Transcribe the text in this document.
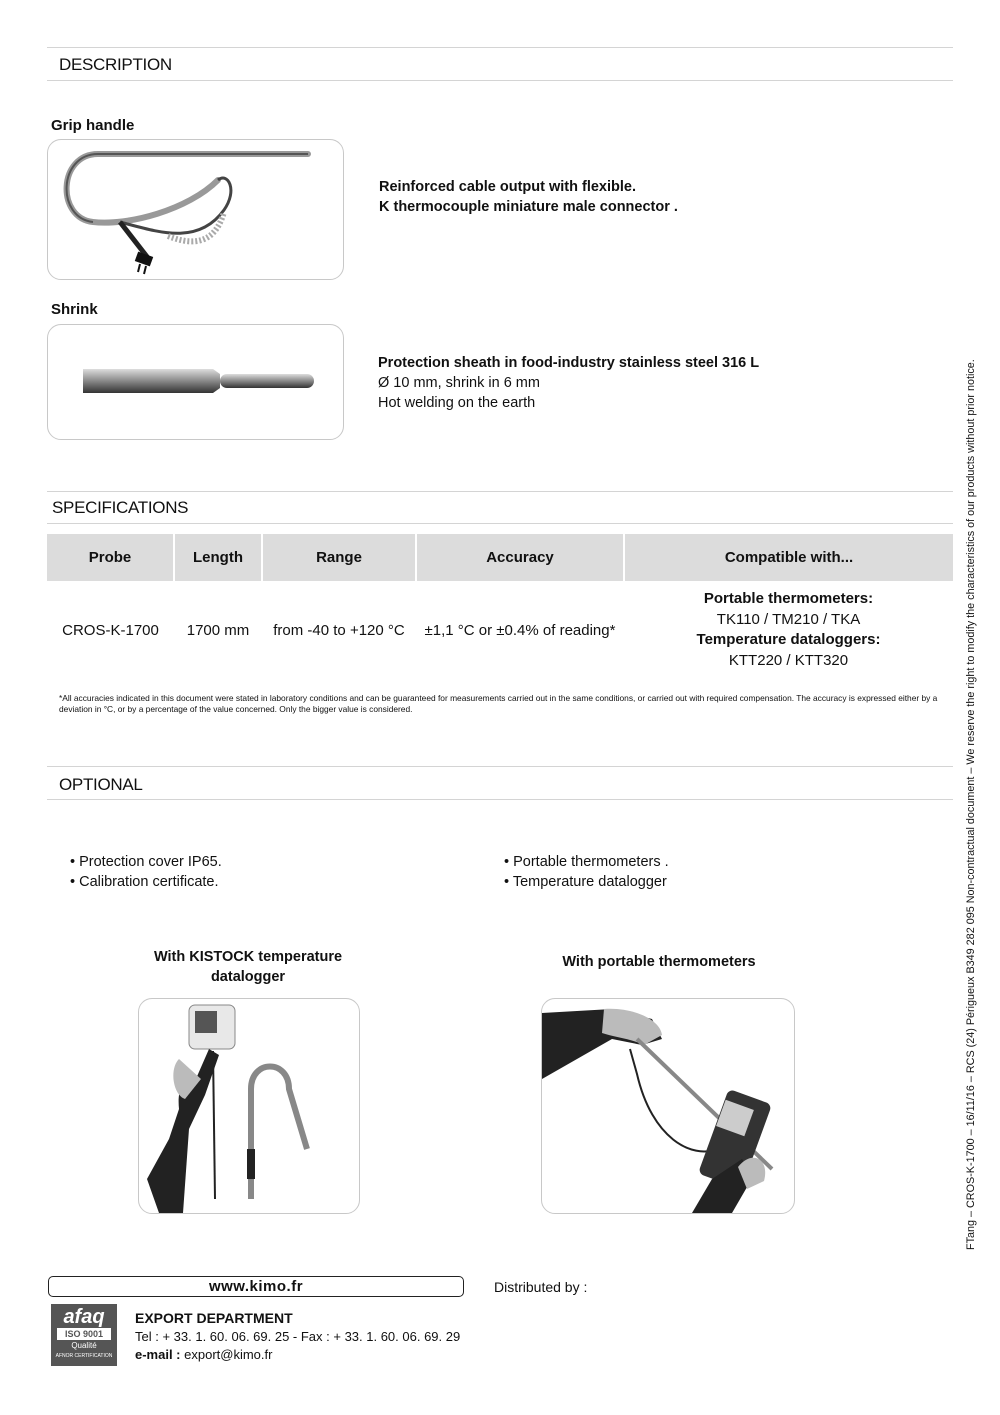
DESCRIPTION
Grip handle
Reinforced cable output with flexible.
K thermocouple miniature male connector .
Shrink
Protection sheath in food-industry stainless steel 316 L
Ø 10 mm, shrink in 6 mm
Hot welding on the earth
SPECIFICATIONS
Probe	Length	Range	Accuracy	Compatible with...
CROS-K-1700	1700 mm	from -40 to +120 °C	±1,1 °C or ±0.4% of reading*	Portable thermometers:
TK110 / TM210 / TKA
Temperature dataloggers:
KTT220 / KTT320
*All accuracies indicated in this document were stated in laboratory conditions and can be guaranteed for measurements carried out in the same conditions, or carried out with required compensation. The accuracy is expressed either by a deviation in °C, or by a percentage of the value concerned. Only the bigger value is considered.
OPTIONAL
• Protection cover IP65.
• Calibration certificate.
• Portable thermometers .
• Temperature datalogger
With KISTOCK temperature
datalogger
With portable thermometers	FTang – CROS-K-1700 – 16/11/16 – RCS (24) Périgueux B349 282 095 Non-contractual document – We reserve the right to modify the characteristics of our products without prior notice.
www.kimo.fr	Distributed by :
afaq
ISO 9001
Qualité
AFNOR CERTIFICATION
EXPORT DEPARTMENT
Tel : + 33. 1. 60. 06. 69. 25 - Fax : + 33. 1. 60. 06. 69. 29
e-mail : export@kimo.fr
